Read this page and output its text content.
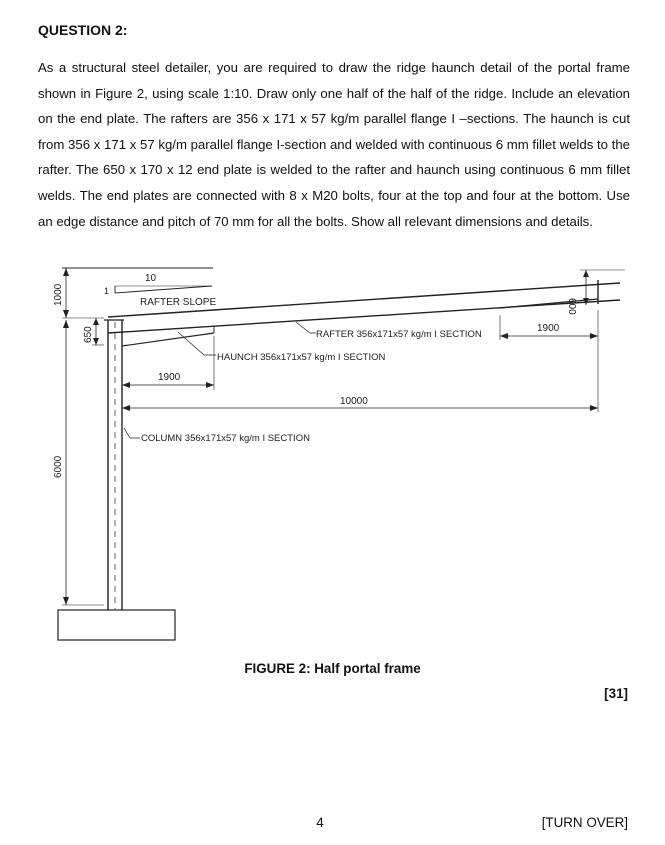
QUESTION 2:
As a structural steel detailer, you are required to draw the ridge haunch detail of the portal frame shown in Figure 2, using scale 1:10. Draw only one half of the half of the ridge. Include an elevation on the end plate. The rafters are 356 x 171 x 57 kg/m parallel flange I –sections. The haunch is cut from 356 x 171 x 57 kg/m parallel flange I-section and welded with continuous 6 mm fillet welds to the rafter. The 650 x 170 x 12 end plate is welded to the rafter and haunch using continuous 6 mm fillet welds. The end plates are connected with 8 x M20 bolts, four at the top and four at the bottom. Use an edge distance and pitch of 70 mm for all the bolts. Show all relevant dimensions and details.
10
1
RAFTER SLOPE
RAFTER 356x171x57 kg/m I SECTION
HAUNCH 356x171x57 kg/m I SECTION
COLUMN 356x171x57 kg/m I SECTION
1900
10000
1900
1000
650
6000
600
FIGURE 2: Half portal frame
[31]
4	[TURN OVER]
